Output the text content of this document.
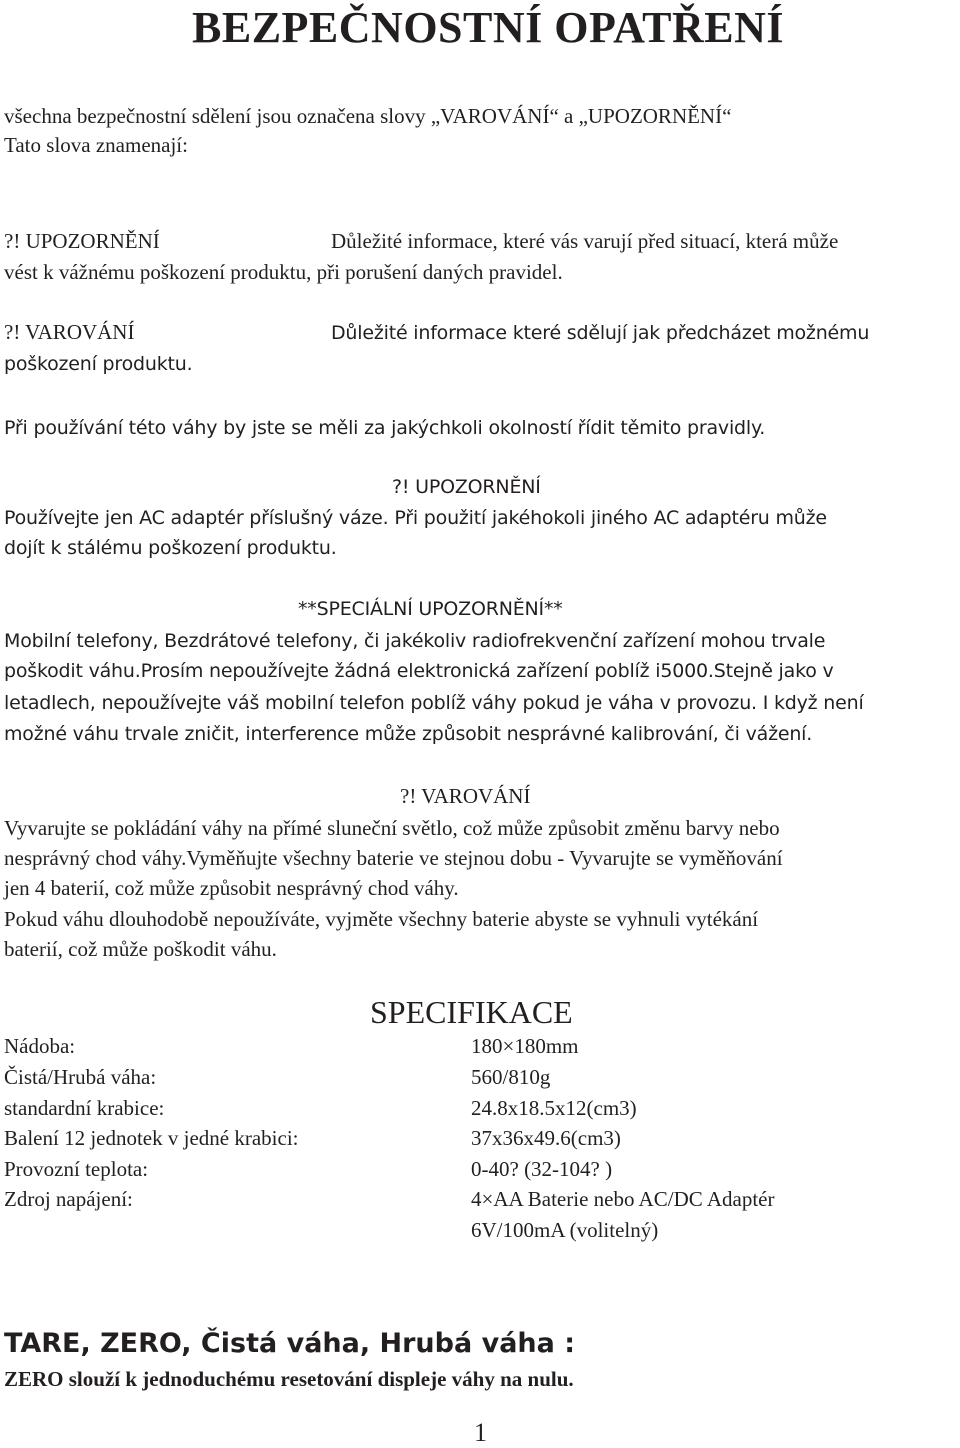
BEZPEČNOSTNÍ OPATŘENÍ
všechna bezpečnostní sdělení jsou označena slovy „VAROVÁNÍ“ a „UPOZORNĚNÍ“
Tato slova znamenají:
?! UPOZORNĚNÍ	Důležité informace, které vás varují před situací, která může
vést k vážnému poškození produktu, při porušení daných pravidel.
?! VAROVÁNÍ	Důležité informace které sdělují jak předcházet možnému
poškození produktu.
Při používání této váhy by jste se měli za jakýchkoli okolností řídit těmito pravidly.
?! UPOZORNĚNÍ
Používejte jen AC adaptér příslušný váze. Při použití jakéhokoli jiného AC adaptéru může
dojít k stálému poškození produktu.
**SPECIÁLNÍ UPOZORNĚNÍ**
Mobilní telefony, Bezdrátové telefony, či jakékoliv radiofrekvenční zařízení mohou trvale
poškodit váhu.Prosím nepoužívejte žádná elektronická zařízení poblíž i5000.Stejně jako v
letadlech, nepoužívejte váš mobilní telefon poblíž váhy pokud je váha v provozu. I když není
možné váhu trvale zničit, interference může způsobit nesprávné kalibrování, či vážení.
?! VAROVÁNÍ
Vyvarujte se pokládání váhy na přímé sluneční světlo, což může způsobit změnu barvy nebo
nesprávný chod váhy.Vyměňujte všechny baterie ve stejnou dobu - Vyvarujte se vyměňování
jen 4 baterií, což může způsobit nesprávný chod váhy.
Pokud váhu dlouhodobě nepoužíváte, vyjměte všechny baterie abyste se vyhnuli vytékání
baterií, což může poškodit váhu.
SPECIFIKACE
Nádoba:	180×180mm
Čistá/Hrubá váha:	560/810g
standardní krabice:	24.8x18.5x12(cm3)
Balení 12 jednotek v jedné krabici:	37x36x49.6(cm3)
Provozní teplota:	0-40? (32-104? )
Zdroj napájení:	4×AA Baterie nebo AC/DC Adaptér
6V/100mA (volitelný)
TARE, ZERO, Čistá váha, Hrubá váha :
ZERO slouží k jednoduchému resetování displeje váhy na nulu.
1
